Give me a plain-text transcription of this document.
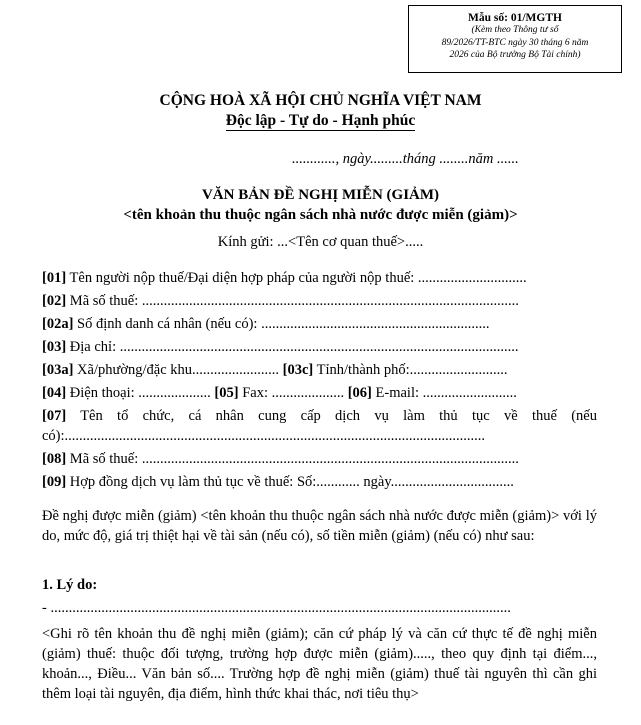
Mẫu số: 01/MGTH
(Kèm theo Thông tư số
89/2026/TT-BTC ngày 30 tháng 6 năm
2026 của Bộ trưởng Bộ Tài chính)
CỘNG HOÀ XÃ HỘI CHỦ NGHĨA VIỆT NAM
Độc lập - Tự do - Hạnh phúc
............, ngày.........tháng ........năm ......
VĂN BẢN ĐỀ NGHỊ MIỄN (GIẢM)
<tên khoản thu thuộc ngân sách nhà nước được miễn (giảm)>
Kính gửi: ...<Tên cơ quan thuế>.....
[01] Tên người nộp thuế/Đại diện hợp pháp của người nộp thuế: ..............................
[02] Mã số thuế: ........................................................................................................
[02a] Số định danh cá nhân (nếu có): ...............................................................
[03] Địa chỉ: ..............................................................................................................
[03a] Xã/phường/đặc khu........................ [03c] Tỉnh/thành phố:...........................
[04] Điện thoại: .................... [05] Fax: .................... [06] E-mail: ..........................
[07] Tên tổ chức, cá nhân cung cấp dịch vụ làm thủ tục về thuế (nếu có):....................................................................................................................
[08] Mã số thuế: ........................................................................................................
[09] Hợp đồng dịch vụ làm thủ tục về thuế: Số:............ ngày..................................
Đề nghị được miễn (giảm) <tên khoản thu thuộc ngân sách nhà nước được miễn (giảm)> với lý do, mức độ, giá trị thiệt hại về tài sản (nếu có), số tiền miễn (giảm) (nếu có) như sau:
1. Lý do:
- ...............................................................................................................................
<Ghi rõ tên khoản thu đề nghị miễn (giảm); căn cứ pháp lý và căn cứ thực tế đề nghị miễn (giảm) thuế: thuộc đối tượng, trường hợp được miễn (giảm)....., theo quy định tại điểm..., khoản..., Điều... Văn bản số.... Trường hợp đề nghị miễn (giảm) thuế tài nguyên thì cần ghi thêm loại tài nguyên, địa điểm, hình thức khai thác, nơi tiêu thụ>
